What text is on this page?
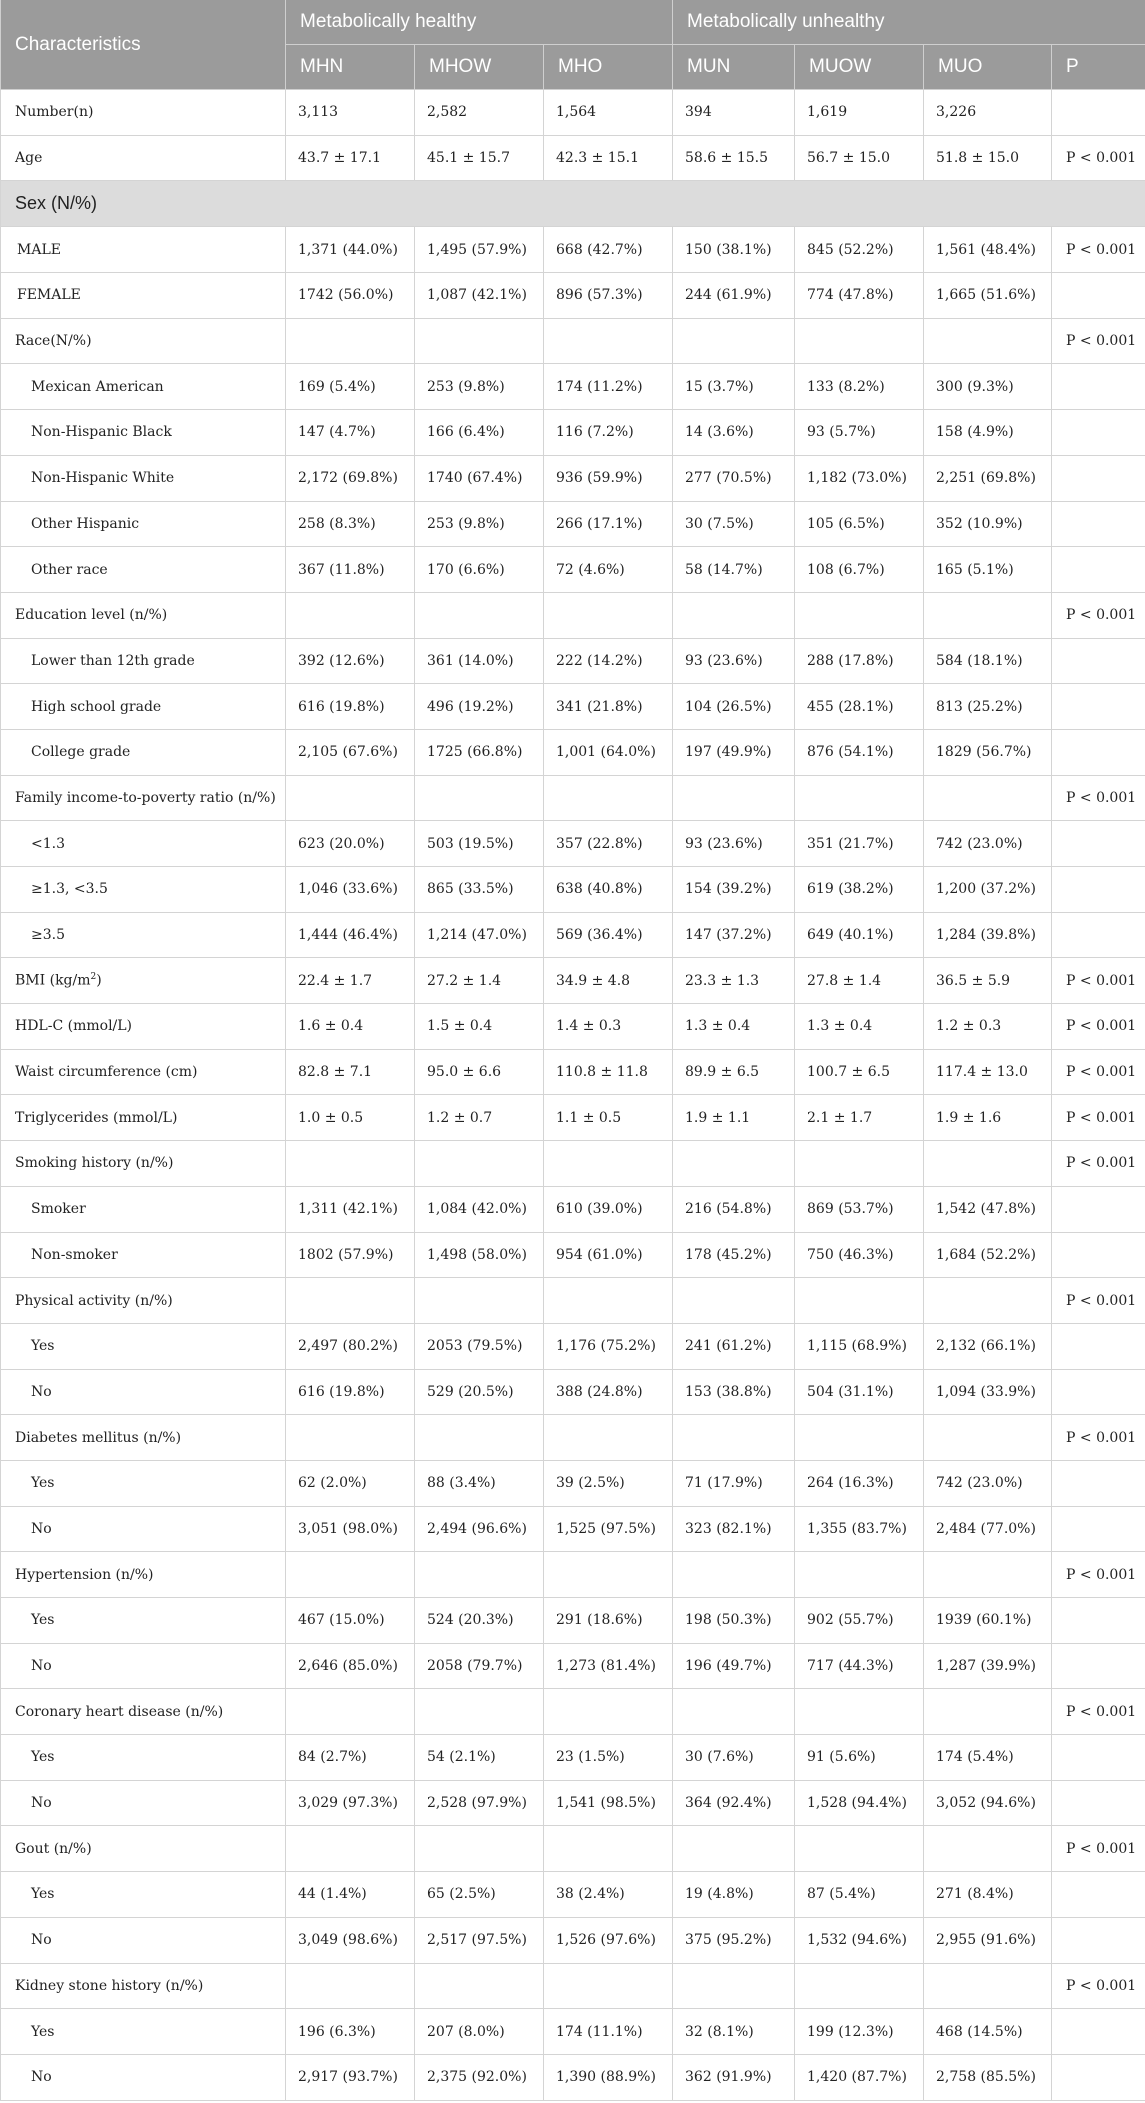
Characteristics	Metabolically healthy			Metabolically unhealthy			
	MHN	MHOW	MHO	MUN	MUOW	MUO	P
Number(n)	3,113	2,582	1,564	394	1,619	3,226	
Age	43.7 ± 17.1	45.1 ± 15.7	42.3 ± 15.1	58.6 ± 15.5	56.7 ± 15.0	51.8 ± 15.0	P < 0.001
Sex (N/%)							
MALE	1,371 (44.0%)	1,495 (57.9%)	668 (42.7%)	150 (38.1%)	845 (52.2%)	1,561 (48.4%)	P < 0.001
FEMALE	1742 (56.0%)	1,087 (42.1%)	896 (57.3%)	244 (61.9%)	774 (47.8%)	1,665 (51.6%)	
Race(N/%)							P < 0.001
Mexican American	169 (5.4%)	253 (9.8%)	174 (11.2%)	15 (3.7%)	133 (8.2%)	300 (9.3%)	
Non-Hispanic Black	147 (4.7%)	166 (6.4%)	116 (7.2%)	14 (3.6%)	93 (5.7%)	158 (4.9%)	
Non-Hispanic White	2,172 (69.8%)	1740 (67.4%)	936 (59.9%)	277 (70.5%)	1,182 (73.0%)	2,251 (69.8%)	
Other Hispanic	258 (8.3%)	253 (9.8%)	266 (17.1%)	30 (7.5%)	105 (6.5%)	352 (10.9%)	
Other race	367 (11.8%)	170 (6.6%)	72 (4.6%)	58 (14.7%)	108 (6.7%)	165 (5.1%)	
Education level (n/%)							P < 0.001
Lower than 12th grade	392 (12.6%)	361 (14.0%)	222 (14.2%)	93 (23.6%)	288 (17.8%)	584 (18.1%)	
High school grade	616 (19.8%)	496 (19.2%)	341 (21.8%)	104 (26.5%)	455 (28.1%)	813 (25.2%)	
College grade	2,105 (67.6%)	1725 (66.8%)	1,001 (64.0%)	197 (49.9%)	876 (54.1%)	1829 (56.7%)	
Family income-to-poverty ratio (n/%)							P < 0.001
<1.3	623 (20.0%)	503 (19.5%)	357 (22.8%)	93 (23.6%)	351 (21.7%)	742 (23.0%)	
≥1.3, <3.5	1,046 (33.6%)	865 (33.5%)	638 (40.8%)	154 (39.2%)	619 (38.2%)	1,200 (37.2%)	
≥3.5	1,444 (46.4%)	1,214 (47.0%)	569 (36.4%)	147 (37.2%)	649 (40.1%)	1,284 (39.8%)	
BMI $(kg/m^2)$	22.4 ± 1.7	27.2 ± 1.4	34.9 ± 4.8	23.3 ± 1.3	27.8 ± 1.4	36.5 ± 5.9	P < 0.001
HDL-C (mmol/L)	1.6 ± 0.4	1.5 ± 0.4	1.4 ± 0.3	1.3 ± 0.4	1.3 ± 0.4	1.2 ± 0.3	P < 0.001
Waist circumference (cm)	82.8 ± 7.1	95.0 ± 6.6	110.8 ± 11.8	89.9 ± 6.5	100.7 ± 6.5	117.4 ± 13.0	P < 0.001
Triglycerides (mmol/L)	1.0 ± 0.5	1.2 ± 0.7	1.1 ± 0.5	1.9 ± 1.1	2.1 ± 1.7	1.9 ± 1.6	P < 0.001
Smoking history (n/%)							P < 0.001
Smoker	1,311 (42.1%)	1,084 (42.0%)	610 (39.0%)	216 (54.8%)	869 (53.7%)	1,542 (47.8%)	
Non-smoker	1802 (57.9%)	1,498 (58.0%)	954 (61.0%)	178 (45.2%)	750 (46.3%)	1,684 (52.2%)	
Physical activity (n/%)							P < 0.001
Yes	2,497 (80.2%)	2053 (79.5%)	1,176 (75.2%)	241 (61.2%)	1,115 (68.9%)	2,132 (66.1%)	
No	616 (19.8%)	529 (20.5%)	388 (24.8%)	153 (38.8%)	504 (31.1%)	1,094 (33.9%)	
Diabetes mellitus (n/%)							P < 0.001
Yes	62 (2.0%)	88 (3.4%)	39 (2.5%)	71 (17.9%)	264 (16.3%)	742 (23.0%)	
No	3,051 (98.0%)	2,494 (96.6%)	1,525 (97.5%)	323 (82.1%)	1,355 (83.7%)	2,484 (77.0%)	
Hypertension (n/%)							P < 0.001
Yes	467 (15.0%)	524 (20.3%)	291 (18.6%)	198 (50.3%)	902 (55.7%)	1939 (60.1%)	
No	2,646 (85.0%)	2058 (79.7%)	1,273 (81.4%)	196 (49.7%)	717 (44.3%)	1,287 (39.9%)	
Coronary heart disease (n/%)							P < 0.001
Yes	84 (2.7%)	54 (2.1%)	23 (1.5%)	30 (7.6%)	91 (5.6%)	174 (5.4%)	
No	3,029 (97.3%)	2,528 (97.9%)	1,541 (98.5%)	364 (92.4%)	1,528 (94.4%)	3,052 (94.6%)	
Gout (n/%)							P < 0.001
Yes	44 (1.4%)	65 (2.5%)	38 (2.4%)	19 (4.8%)	87 (5.4%)	271 (8.4%)	
No	3,049 (98.6%)	2,517 (97.5%)	1,526 (97.6%)	375 (95.2%)	1,532 (94.6%)	2,955 (91.6%)	
Kidney stone history (n/%)							P < 0.001
Yes	196 (6.3%)	207 (8.0%)	174 (11.1%)	32 (8.1%)	199 (12.3%)	468 (14.5%)	
No	2,917 (93.7%)	2,375 (92.0%)	1,390 (88.9%)	362 (91.9%)	1,420 (87.7%)	2,758 (85.5%)	
